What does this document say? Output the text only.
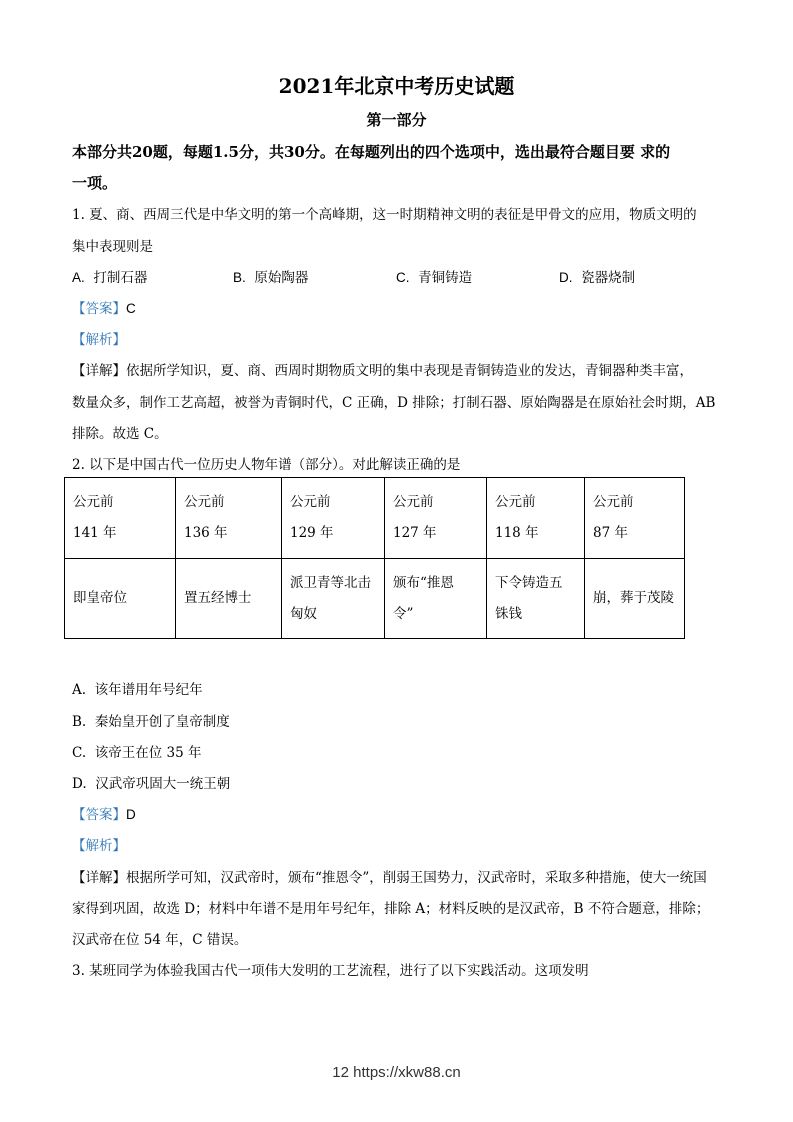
2021年北京中考历史试题
第一部分
本部分共20题，每题1.5分，共30分。在每题列出的四个选项中，选出最符合题目要 求的
一项。
1. 夏、商、西周三代是中华文明的第一个高峰期，这一时期精神文明的表征是甲骨文的应用，物质文明的
集中表现则是
A. 打制石器	B. 原始陶器	C. 青铜铸造	D. 瓷器烧制
【答案】C
【解析】
【详解】依据所学知识，夏、商、西周时期物质文明的集中表现是青铜铸造业的发达，青铜器种类丰富，
数量众多，制作工艺高超，被誉为青铜时代，C 正确，D 排除；打制石器、原始陶器是在原始社会时期，AB
排除。故选 C。
2. 以下是中国古代一位历史人物年谱（部分）。对此解读正确的是
公元前
141 年	公元前
136 年	公元前
129 年	公元前
127 年	公元前
118 年	公元前
87 年
即皇帝位	置五经博士	派卫青等北击
匈奴	颁布“推恩
令”	下令铸造五
铢钱	崩，葬于茂陵
A. 该年谱用年号纪年
B. 秦始皇开创了皇帝制度
C. 该帝王在位 35 年
D. 汉武帝巩固大一统王朝
【答案】D
【解析】
【详解】根据所学可知，汉武帝时，颁布“推恩令”，削弱王国势力，汉武帝时，采取多种措施，使大一统国
家得到巩固，故选 D；材料中年谱不是用年号纪年，排除 A；材料反映的是汉武帝，B 不符合题意，排除；
汉武帝在位 54 年，C 错误。
3. 某班同学为体验我国古代一项伟大发明的工艺流程，进行了以下实践活动。这项发明
12 https://xkw88.cn
